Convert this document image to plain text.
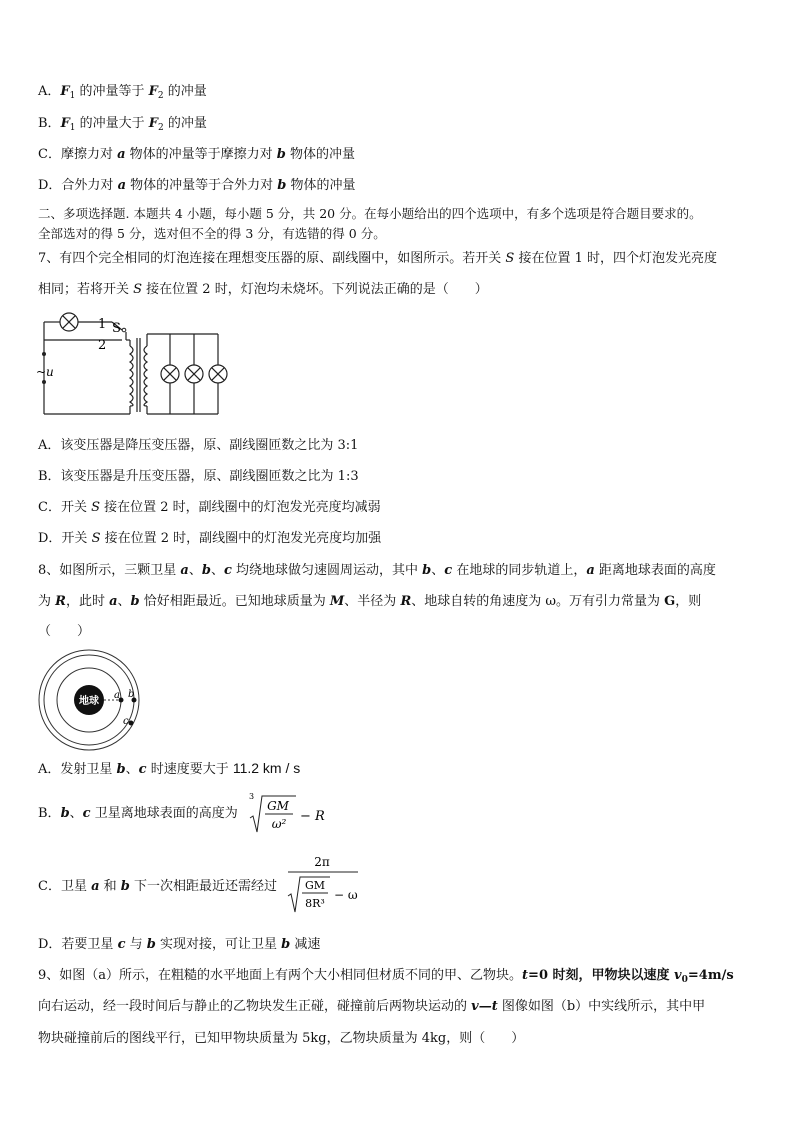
A．$F_1$ 的冲量等于 $F_2$ 的冲量
B．$F_1$ 的冲量大于 $F_2$ 的冲量
C．摩擦力对 a 物体的冲量等于摩擦力对 b 物体的冲量
D．合外力对 a 物体的冲量等于合外力对 b 物体的冲量
二、多项选择题. 本题共 4 小题，每小题 5 分，共 20 分。在每小题给出的四个选项中，有多个选项是符合题目要求的。
全部选对的得 5 分，选对但不全的得 3 分，有选错的得 0 分。
7、有四个完全相同的灯泡连接在理想变压器的原、副线圈中，如图所示。若开关 S 接在位置 1 时，四个灯泡发光亮度
相同；若将开关 S 接在位置 2 时，灯泡均未烧坏。下列说法正确的是（　　）
1
2
S
~u
A．该变压器是降压变压器，原、副线圈匝数之比为 3:1
B．该变压器是升压变压器，原、副线圈匝数之比为 1:3
C．开关 S 接在位置 2 时，副线圈中的灯泡发光亮度均减弱
D．开关 S 接在位置 2 时，副线圈中的灯泡发光亮度均加强
8、如图所示，三颗卫星 a、b、c 均绕地球做匀速圆周运动，其中 b、c 在地球的同步轨道上，a 距离地球表面的高度
为 R，此时 a、b 恰好相距最近。已知地球质量为 M、半径为 R、地球自转的角速度为 ω。万有引力常量为 G，则
（　　）
地球
a b
c
A．发射卫星 b、c 时速度要大于 11.2 km / s
B．b、c 卫星离地球表面的高度为
3
GM
ω² − R
C．卫星 a 和 b 下一次相距最近还需经过
2π
GM
8R³
− ω
D．若要卫星 c 与 b 实现对接，可让卫星 b 减速
9、如图（a）所示，在粗糙的水平地面上有两个大小相同但材质不同的甲、乙物块。t=0 时刻，甲物块以速度 $v_0=4m/s$
向右运动，经一段时间后与静止的乙物块发生正碰，碰撞前后两物块运动的 v—t 图像如图（b）中实线所示，其中甲
物块碰撞前后的图线平行，已知甲物块质量为 5kg，乙物块质量为 4kg，则（　　）
